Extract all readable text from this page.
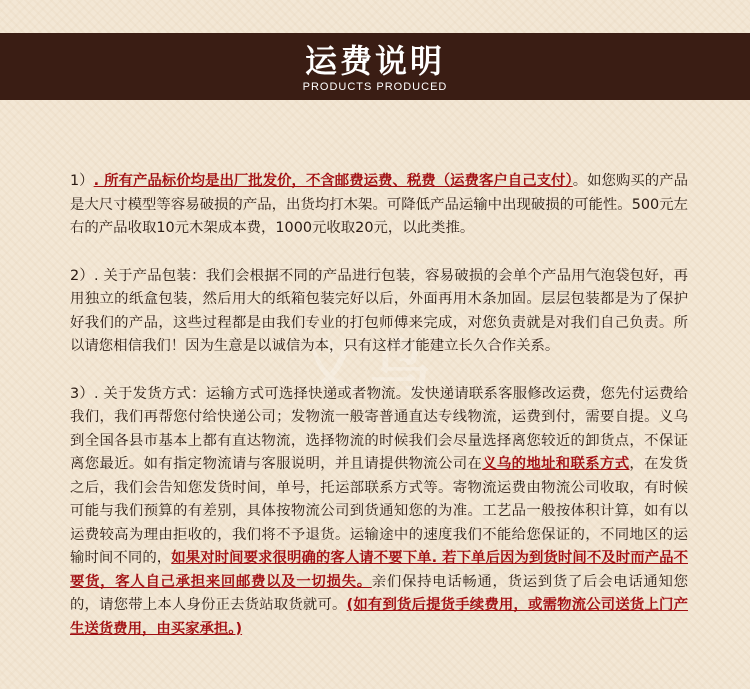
运费说明
PRODUCTS PRODUCED
义乌

1）. 所有产品标价均是出厂批发价，不含邮费运费、税费（运费客户自己支付）。如您购买的产品是大尺寸模型等容易破损的产品，出货均打木架。可降低产品运输中出现破损的可能性。500元左右的产品收取10元木架成本费，1000元收取20元，以此类推。

2）. 关于产品包装：我们会根据不同的产品进行包装，容易破损的会单个产品用气泡袋包好，再用独立的纸盒包装，然后用大的纸箱包装完好以后，外面再用木条加固。层层包装都是为了保护好我们的产品，这些过程都是由我们专业的打包师傅来完成，对您负责就是对我们自己负责。所以请您相信我们！因为生意是以诚信为本，只有这样才能建立长久合作关系。

3）. 关于发货方式：运输方式可选择快递或者物流。发快递请联系客服修改运费，您先付运费给我们，我们再帮您付给快递公司；发物流一般寄普通直达专线物流，运费到付，需要自提。义乌到全国各县市基本上都有直达物流，选择物流的时候我们会尽量选择离您较近的卸货点，不保证离您最近。如有指定物流请与客服说明，并且请提供物流公司在义乌的地址和联系方式，在发货之后，我们会告知您发货时间，单号，托运部联系方式等。寄物流运费由物流公司收取，有时候可能与我们预算的有差别，具体按物流公司到货通知您的为准。工艺品一般按体积计算，如有以运费较高为理由拒收的，我们将不予退货。运输途中的速度我们不能给您保证的，不同地区的运输时间不同的，如果对时间要求很明确的客人请不要下单. 若下单后因为到货时间不及时而产品不要货，客人自己承担来回邮费以及一切损失。亲们保持电话畅通，货运到货了后会电话通知您的，请您带上本人身份正去货站取货就可。(如有到货后提货手续费用，或需物流公司送货上门产生送货费用，由买家承担。)
